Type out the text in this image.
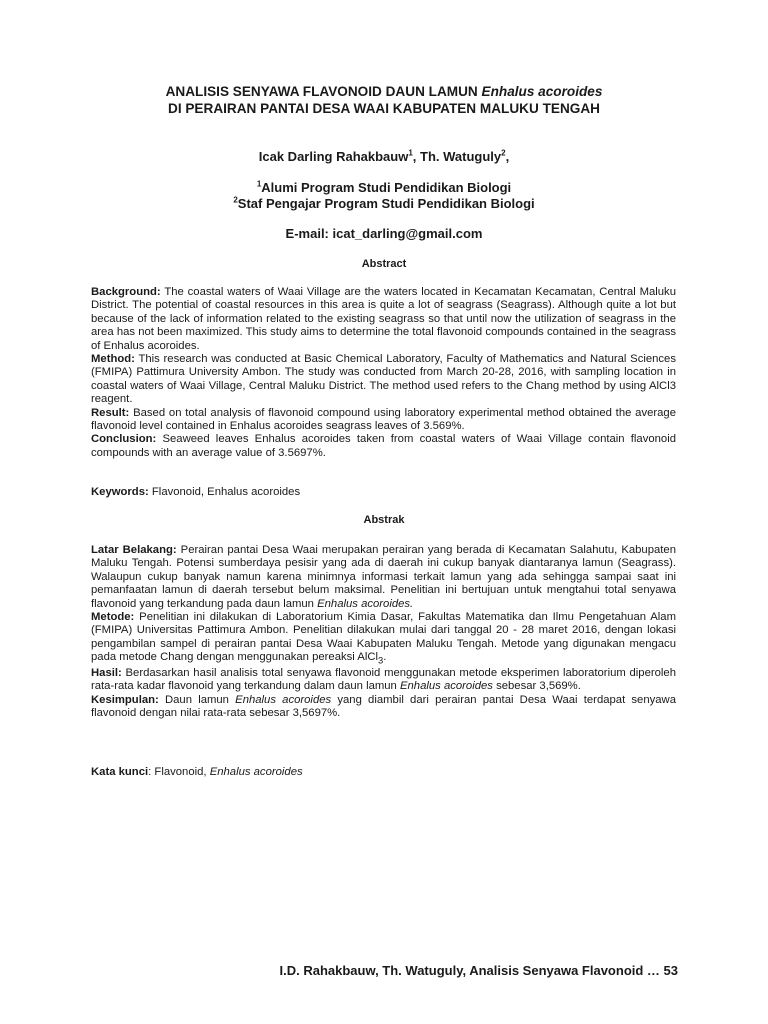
ANALISIS SENYAWA FLAVONOID DAUN LAMUN Enhalus acoroides
DI PERAIRAN PANTAI DESA WAAI KABUPATEN MALUKU TENGAH
Icak Darling Rahakbauw$^1$, Th. Watuguly$^2$,
$^1$Alumi Program Studi Pendidikan Biologi
$^2$Staf Pengajar Program Studi Pendidikan Biologi
E-mail: icat_darling@gmail.com
Abstract

Background: The coastal waters of Waai Village are the waters located in Kecamatan Kecamatan, Central Maluku District. The potential of coastal resources in this area is quite a lot of seagrass (Seagrass). Although quite a lot but because of the lack of information related to the existing seagrass so that until now the utilization of seagrass in the area has not been maximized. This study aims to determine the total flavonoid compounds contained in the seagrass of Enhalus acoroides.

Method: This research was conducted at Basic Chemical Laboratory, Faculty of Mathematics and Natural Sciences (FMIPA) Pattimura University Ambon. The study was conducted from March 20-28, 2016, with sampling location in coastal waters of Waai Village, Central Maluku District. The method used refers to the Chang method by using AlCl3 reagent.

Result: Based on total analysis of flavonoid compound using laboratory experimental method obtained the average flavonoid level contained in Enhalus acoroides seagrass leaves of 3.569%.

Conclusion: Seaweed leaves Enhalus acoroides taken from coastal waters of Waai Village contain flavonoid compounds with an average value of 3.5697%.

Keywords: Flavonoid, Enhalus acoroides
Abstrak

Latar Belakang: Perairan pantai Desa Waai merupakan perairan yang berada di Kecamatan Salahutu, Kabupaten Maluku Tengah. Potensi sumberdaya pesisir yang ada di daerah ini cukup banyak diantaranya lamun (Seagrass). Walaupun cukup banyak namun karena minimnya informasi terkait lamun yang ada sehingga sampai saat ini pemanfaatan lamun di daerah tersebut belum maksimal. Penelitian ini bertujuan untuk mengtahui total senyawa flavonoid yang terkandung pada daun lamun Enhalus acoroides.

Metode: Penelitian ini dilakukan di Laboratorium Kimia Dasar, Fakultas Matematika dan Ilmu Pengetahuan Alam (FMIPA) Universitas Pattimura Ambon. Penelitian dilakukan mulai dari tanggal 20 - 28 maret 2016, dengan lokasi pengambilan sampel di perairan pantai Desa Waai Kabupaten Maluku Tengah. Metode yang digunakan mengacu pada metode Chang dengan menggunakan pereaksi AlCl$_3$.

Hasil: Berdasarkan hasil analisis total senyawa flavonoid menggunakan metode eksperimen laboratorium diperoleh rata-rata kadar flavonoid yang terkandung dalam daun lamun Enhalus acoroides sebesar 3,569%.

Kesimpulan: Daun lamun Enhalus acoroides yang diambil dari perairan pantai Desa Waai terdapat senyawa flavonoid dengan nilai rata-rata sebesar 3,5697%.

Kata kunci: Flavonoid, Enhalus acoroides
I.D. Rahakbauw, Th. Watuguly, Analisis Senyawa Flavonoid … 53
